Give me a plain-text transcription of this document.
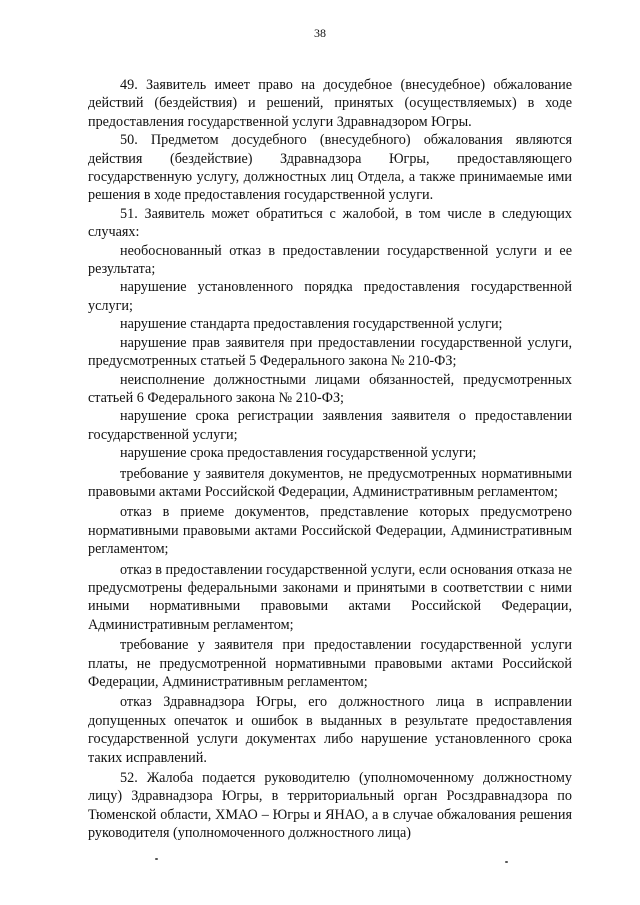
38

49. Заявитель имеет право на досудебное (внесудебное) обжалование действий (бездействия) и решений, принятых (осуществляемых) в ходе предоставления государственной услуги Здравнадзором Югры.

50. Предметом досудебного (внесудебного) обжалования являются действия (бездействие) Здравнадзора Югры, предоставляющего государственную услугу, должностных лиц Отдела, а также принимаемые ими решения в ходе предоставления государственной услуги.

51. Заявитель может обратиться с жалобой, в том числе в следующих случаях:

необоснованный отказ в предоставлении государственной услуги и ее результата;

нарушение установленного порядка предоставления государственной услуги;

нарушение стандарта предоставления государственной услуги;

нарушение прав заявителя при предоставлении государственной услуги, предусмотренных статьей 5 Федерального закона № 210-ФЗ;

неисполнение должностными лицами обязанностей, предусмотренных статьей 6 Федерального закона № 210-ФЗ;

нарушение срока регистрации заявления заявителя о предоставлении государственной услуги;

нарушение срока предоставления государственной услуги;

требование у заявителя документов, не предусмотренных нормативными правовыми актами Российской Федерации, Административным регламентом;

отказ в приеме документов, представление которых предусмотрено нормативными правовыми актами Российской Федерации, Административным регламентом;

отказ в предоставлении государственной услуги, если основания отказа не предусмотрены федеральными законами и принятыми в соответствии с ними иными нормативными правовыми актами Российской Федерации, Административным регламентом;

требование у заявителя при предоставлении государственной услуги платы, не предусмотренной нормативными правовыми актами Российской Федерации, Административным регламентом;

отказ Здравнадзора Югры, его должностного лица в исправлении допущенных опечаток и ошибок в выданных в результате предоставления государственной услуги документах либо нарушение установленного срока таких исправлений.

52. Жалоба подается руководителю (уполномоченному должностному лицу) Здравнадзора Югры, в территориальный орган Росздравнадзора по Тюменской области, ХМАО – Югры и ЯНАО, а в случае обжалования решения руководителя (уполномоченного должностного лица)
